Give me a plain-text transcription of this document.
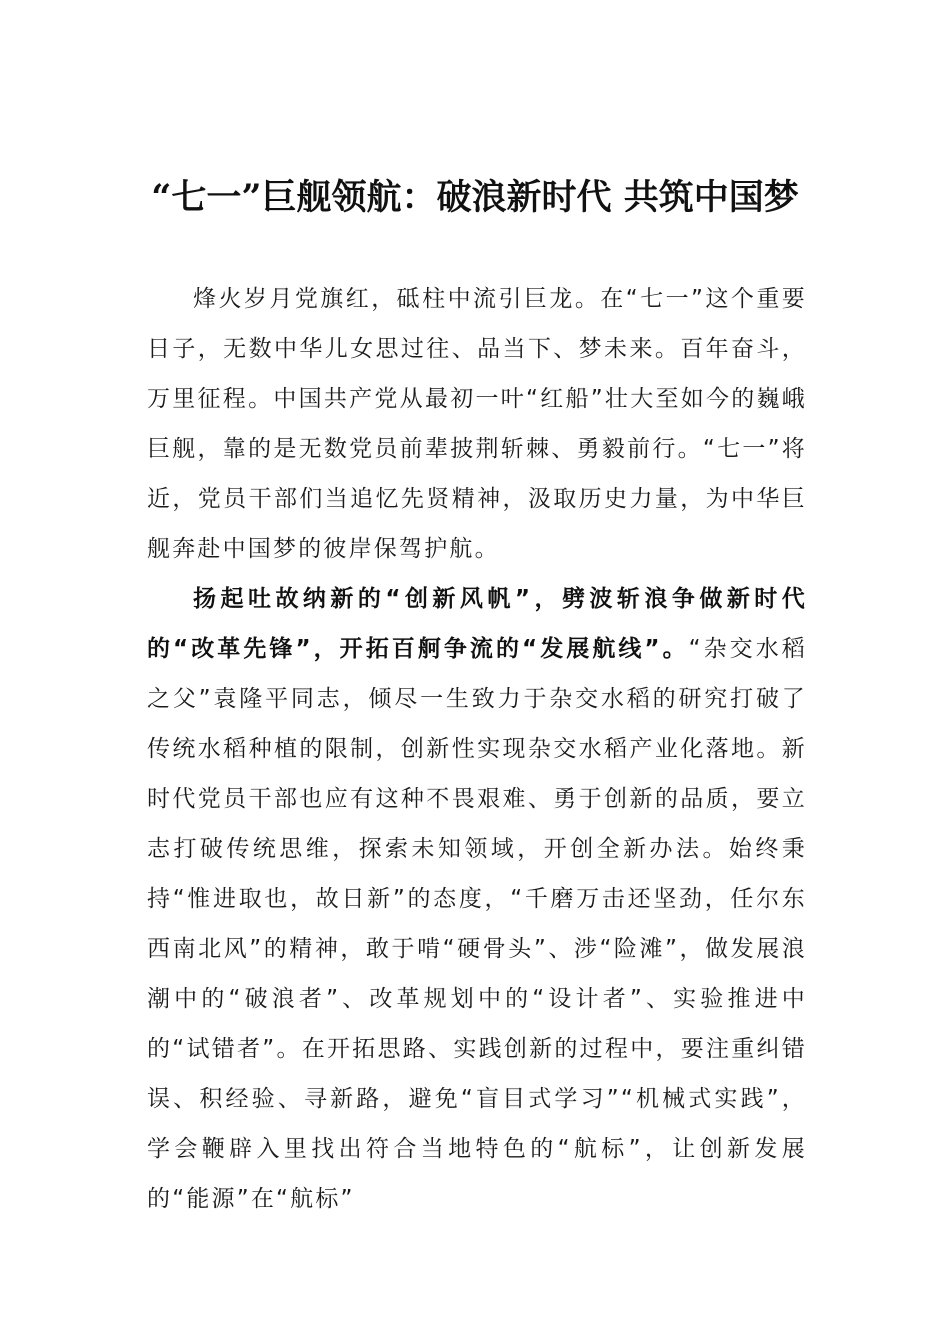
“七一”巨舰领航：破浪新时代 共筑中国梦

烽火岁月党旗红，砥柱中流引巨龙。在“七一”这个重要日子，无数中华儿女思过往、品当下、梦未来。百年奋斗，万里征程。中国共产党从最初一叶“红船”壮大至如今的巍峨巨舰，靠的是无数党员前辈披荆斩棘、勇毅前行。“七一”将近，党员干部们当追忆先贤精神，汲取历史力量，为中华巨舰奔赴中国梦的彼岸保驾护航。

扬起吐故纳新的“创新风帆”，劈波斩浪争做新时代的“改革先锋”，开拓百舸争流的“发展航线”。“杂交水稻之父”袁隆平同志，倾尽一生致力于杂交水稻的研究打破了传统水稻种植的限制，创新性实现杂交水稻产业化落地。新时代党员干部也应有这种不畏艰难、勇于创新的品质，要立志打破传统思维，探索未知领域，开创全新办法。始终秉持“惟进取也，故日新”的态度，“千磨万击还坚劲，任尔东西南北风”的精神，敢于啃“硬骨头”、涉“险滩”，做发展浪潮中的“破浪者”、改革规划中的“设计者”、实验推进中的“试错者”。在开拓思路、实践创新的过程中，要注重纠错误、积经验、寻新路，避免“盲目式学习”“机械式实践”，学会鞭辟入里找出符合当地特色的“航标”，让创新发展的“能源”在“航标”
